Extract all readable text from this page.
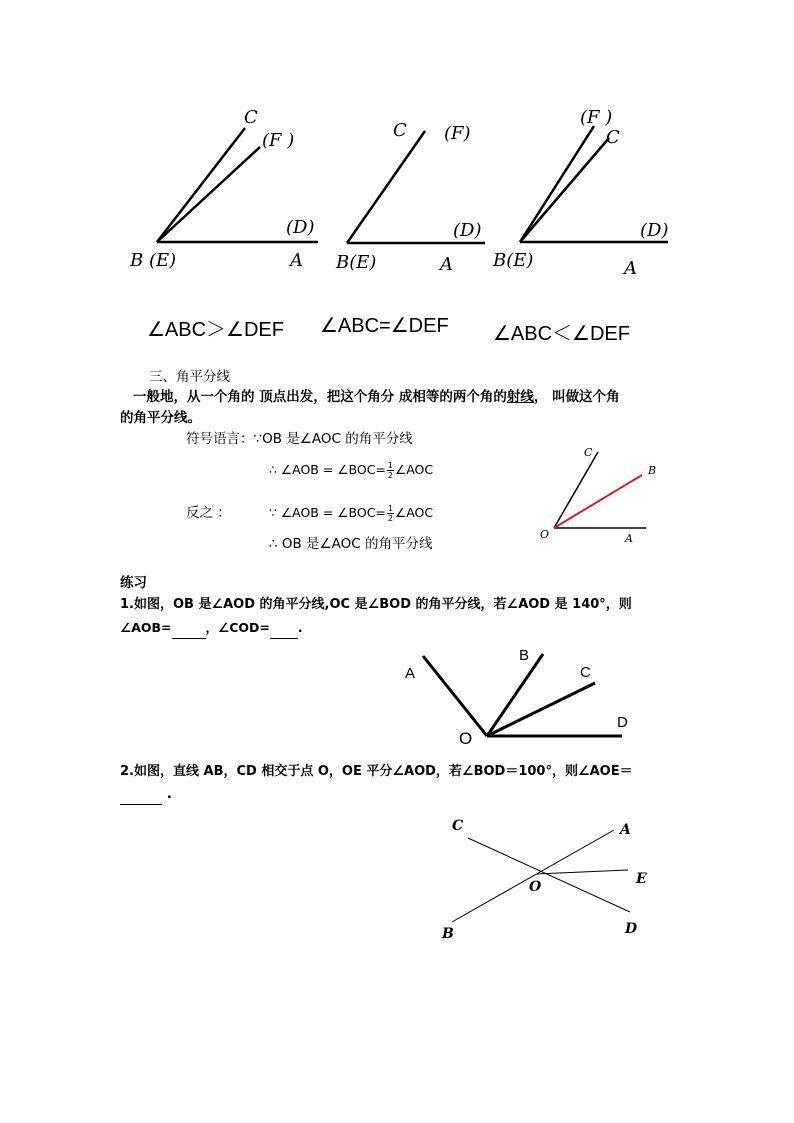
C
(F )
(D)
B (E)	A
C (F)
(D)
B(E)	A
(F )
C
(D)
B(E)	A
∠ABC＞∠DEF ∠ABC=∠DEF ∠ABC＜∠DEF
三、角平分线
一般地，从一个角的 顶点出发，把这个角分 成相等的两个角的射线， 叫做这个角
的角平分线。
符号语言：∵OB 是∠AOC 的角平分线
∴ ∠AOB = ∠BOC= $\frac{1}{2}$ ∠AOC
反之 ：	∵ ∠AOB = ∠BOC= $\frac{1}{2}$ ∠AOC
∴ OB 是∠AOC 的角平分线
C
B
O	A
练习
1.如图，OB 是∠AOD 的角平分线,OC 是∠BOD 的角平分线，若∠AOD 是 140°，则
∠AOB=	，∠COD= .
A
B
C
D
O
2.如图，直线 AB，CD 相交于点 O，OE 平分∠AOD，若∠BOD＝100°，则∠AOE＝
.
C	A
E
O
B	D
